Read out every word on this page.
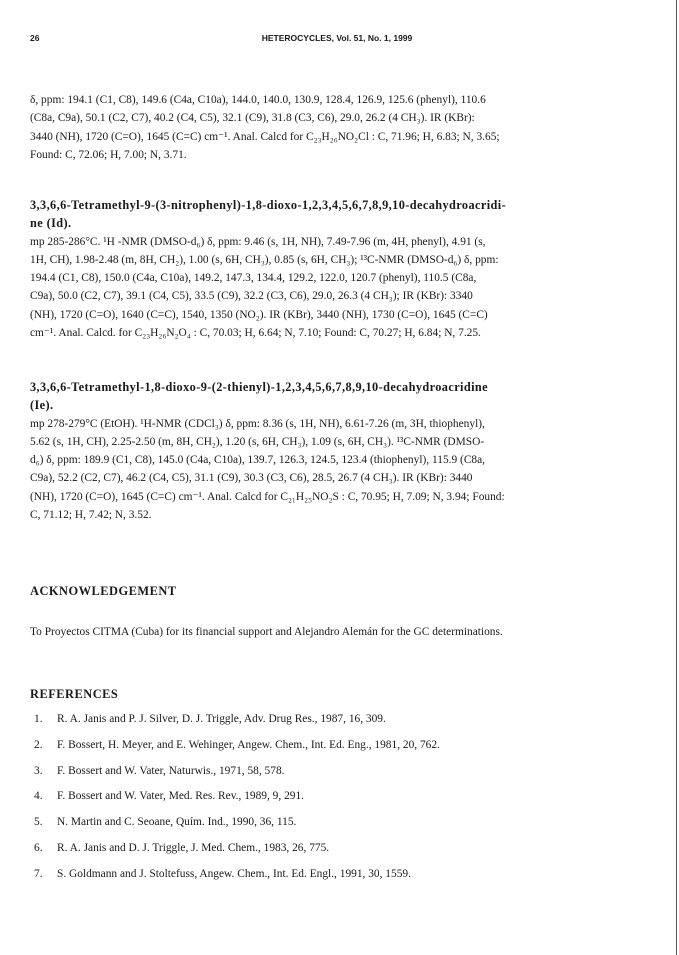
26	HETEROCYCLES, Vol. 51, No. 1, 1999
δ, ppm: 194.1 (C1, C8), 149.6 (C4a, C10a), 144.0, 140.0, 130.9, 128.4, 126.9, 125.6 (phenyl), 110.6
(C8a, C9a), 50.1 (C2, C7), 40.2 (C4, C5), 32.1 (C9), 31.8 (C3, C6), 29.0, 26.2 (4 CH₃). IR (KBr):
3440 (NH), 1720 (C=O), 1645 (C=C) cm⁻¹. Anal. Calcd for C₂₃H₂₆NO₂Cl : C, 71.96; H, 6.83; N, 3.65;
Found: C, 72.06; H, 7.00; N, 3.71.
3,3,6,6-Tetramethyl-9-(3-nitrophenyl)-1,8-dioxo-1,2,3,4,5,6,7,8,9,10-decahydroacridi-
ne (Id).
mp 285-286°C. ¹H -NMR (DMSO-d₆) δ, ppm: 9.46 (s, 1H, NH), 7.49-7.96 (m, 4H, phenyl), 4.91 (s,
1H, CH), 1.98-2.48 (m, 8H, CH₂), 1.00 (s, 6H, CH₃), 0.85 (s, 6H, CH₃); ¹³C-NMR (DMSO-d₆) δ, ppm:
194.4 (C1, C8), 150.0 (C4a, C10a), 149.2, 147.3, 134.4, 129.2, 122.0, 120.7 (phenyl), 110.5 (C8a,
C9a), 50.0 (C2, C7), 39.1 (C4, C5), 33.5 (C9), 32.2 (C3, C6), 29.0, 26.3 (4 CH₃); IR (KBr): 3340
(NH), 1720 (C=O), 1640 (C=C), 1540, 1350 (NO₂). IR (KBr), 3440 (NH), 1730 (C=O), 1645 (C=C)
cm⁻¹. Anal. Calcd. for C₂₃H₂₆N₂O₄ : C, 70.03; H, 6.64; N, 7.10; Found: C, 70.27; H, 6.84; N, 7.25.
3,3,6,6-Tetramethyl-1,8-dioxo-9-(2-thienyl)-1,2,3,4,5,6,7,8,9,10-decahydroacridine
(Ie).
mp 278-279°C (EtOH). ¹H-NMR (CDCl₃) δ, ppm: 8.36 (s, 1H, NH), 6.61-7.26 (m, 3H, thiophenyl),
5.62 (s, 1H, CH), 2.25-2.50 (m, 8H, CH₂), 1.20 (s, 6H, CH₃), 1.09 (s, 6H, CH₃). ¹³C-NMR (DMSO-
d₆) δ, ppm: 189.9 (C1, C8), 145.0 (C4a, C10a), 139.7, 126.3, 124.5, 123.4 (thiophenyl), 115.9 (C8a,
C9a), 52.2 (C2, C7), 46.2 (C4, C5), 31.1 (C9), 30.3 (C3, C6), 28.5, 26.7 (4 CH₃). IR (KBr): 3440
(NH), 1720 (C=O), 1645 (C=C) cm⁻¹. Anal. Calcd for C₂₁H₂₅NO₂S : C, 70.95; H, 7.09; N, 3.94; Found:
C, 71.12; H, 7.42; N, 3.52.
ACKNOWLEDGEMENT
To Proyectos CITMA (Cuba) for its financial support and Alejandro Alemán for the GC determinations.
REFERENCES
1. R. A. Janis and P. J. Silver, D. J. Triggle, Adv. Drug Res., 1987, 16, 309.
2. F. Bossert, H. Meyer, and E. Wehinger, Angew. Chem., Int. Ed. Eng., 1981, 20, 762.
3. F. Bossert and W. Vater, Naturwis., 1971, 58, 578.
4. F. Bossert and W. Vater, Med. Res. Rev., 1989, 9, 291.
5. N. Martin and C. Seoane, Quím. Ind., 1990, 36, 115.
6. R. A. Janis and D. J. Triggle, J. Med. Chem., 1983, 26, 775.
7. S. Goldmann and J. Stoltefuss, Angew. Chem., Int. Ed. Engl., 1991, 30, 1559.
